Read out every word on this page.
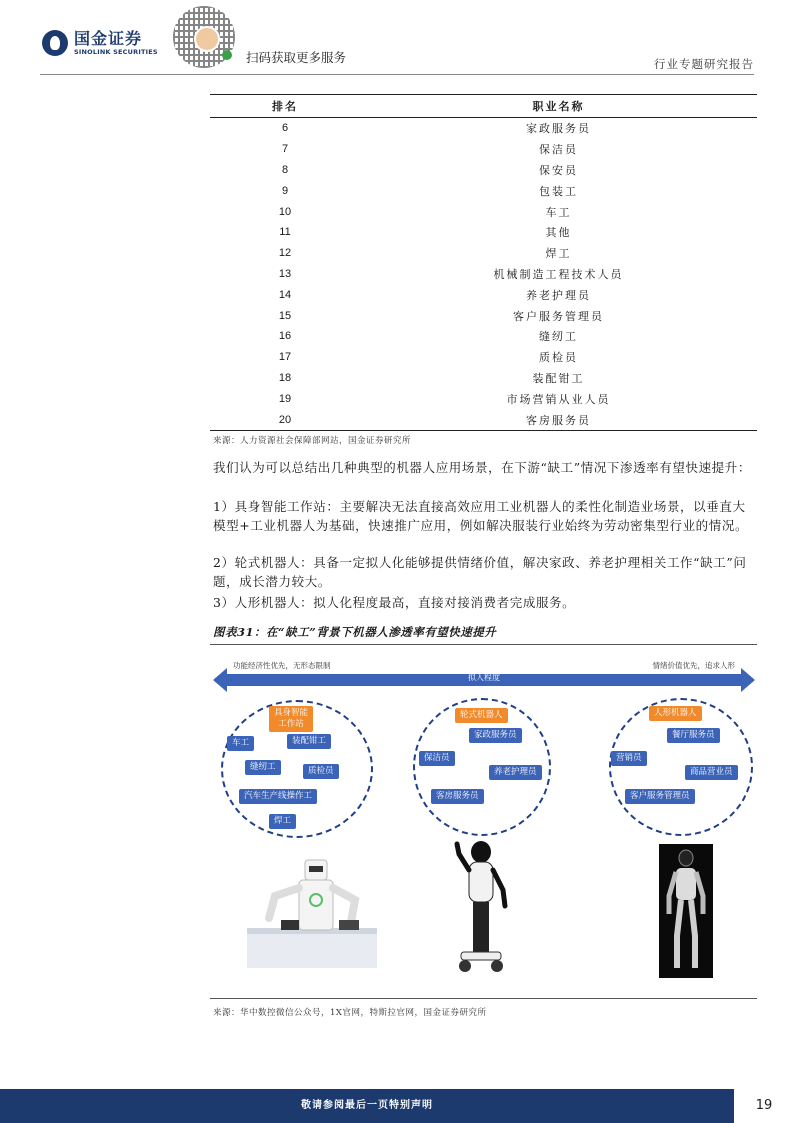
国金证券
SINOLINK SECURITIES	扫码获取更多服务	行业专题研究报告
排名	职业名称
6	家政服务员
7	保洁员
8	保安员
9	包装工
10	车工
11	其他
12	焊工
13	机械制造工程技术人员
14	养老护理员
15	客户服务管理员
16	缝纫工
17	质检员
18	装配钳工
19	市场营销从业人员
20	客房服务员
来源：人力资源社会保障部网站，国金证券研究所
我们认为可以总结出几种典型的机器人应用场景，在下游“缺工”情况下渗透率有望快速提升：
1）具身智能工作站：主要解决无法直接高效应用工业机器人的柔性化制造业场景，以垂直大模型+工业机器人为基础，快速推广应用，例如解决服装行业始终为劳动密集型行业的情况。
2）轮式机器人：具备一定拟人化能够提供情绪价值，解决家政、养老护理相关工作“缺工”问题，成长潜力较大。
3）人形机器人：拟人化程度最高，直接对接消费者完成服务。
图表31：在“缺工”背景下机器人渗透率有望快速提升
功能经济性优先，无形态限制	情绪价值优先，追求人形
拟人程度
具身智能
工作站
车工	装配钳工
缝纫工	质检员
汽车生产线操作工
焊工
轮式机器人
家政服务员
保洁员
养老护理员
客房服务员
人形机器人
餐厅服务员
营销员
商品营业员
客户服务管理员
来源：华中数控微信公众号，1X官网，特斯拉官网，国金证券研究所
敬请参阅最后一页特别声明	19
